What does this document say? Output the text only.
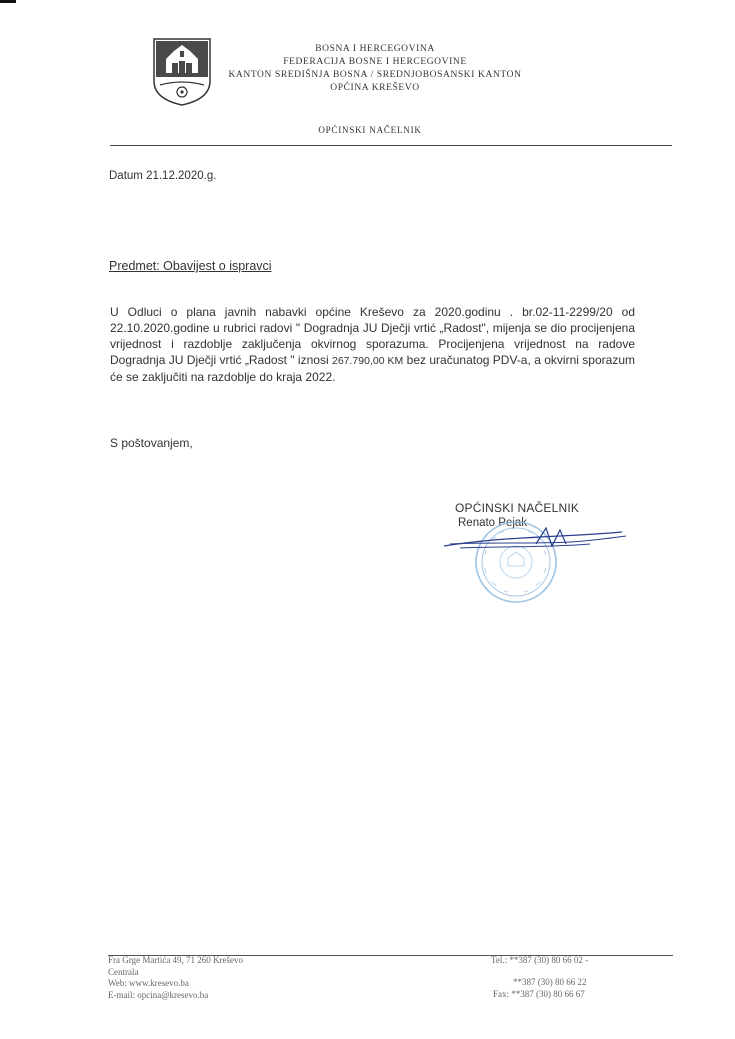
BOSNA I HERCEGOVINA
FEDERACIJA BOSNE I HERCEGOVINE
KANTON SREDIŠNJA BOSNA / SREDNJOBOSANSKI KANTON
OPĆINA KREŠEVO
OPĆINSKI NAČELNIK
Datum 21.12.2020.g.
Predmet: Obavijest o ispravci
U Odluci o plana javnih nabavki općine Kreševo za 2020.godinu . br.02-11-2299/20 od 22.10.2020.godine u rubrici radovi " Dogradnja JU Dječji vrtić „Radost", mijenja se dio procijenjena vrijednost i razdoblje zaključenja okvirnog sporazuma. Procijenjena vrijednost na radove Dogradnja JU Dječji vrtić „Radost " iznosi 267.790,00 KM bez uračunatog PDV-a, a okvirni sporazum će se zaključiti na razdoblje do kraja 2022.
S poštovanjem,
OPĆINSKI NAČELNIK
Renato Pejak
Fra Grge Martića 49, 71 260 Kreševo
Centrala
Web: www.kresevo.ba
E-mail: opcina@kresevo.ba
Tel.: **387 (30) 80 66 02 -
**387 (30) 80 66 22
Fax: **387 (30) 80 66 67
